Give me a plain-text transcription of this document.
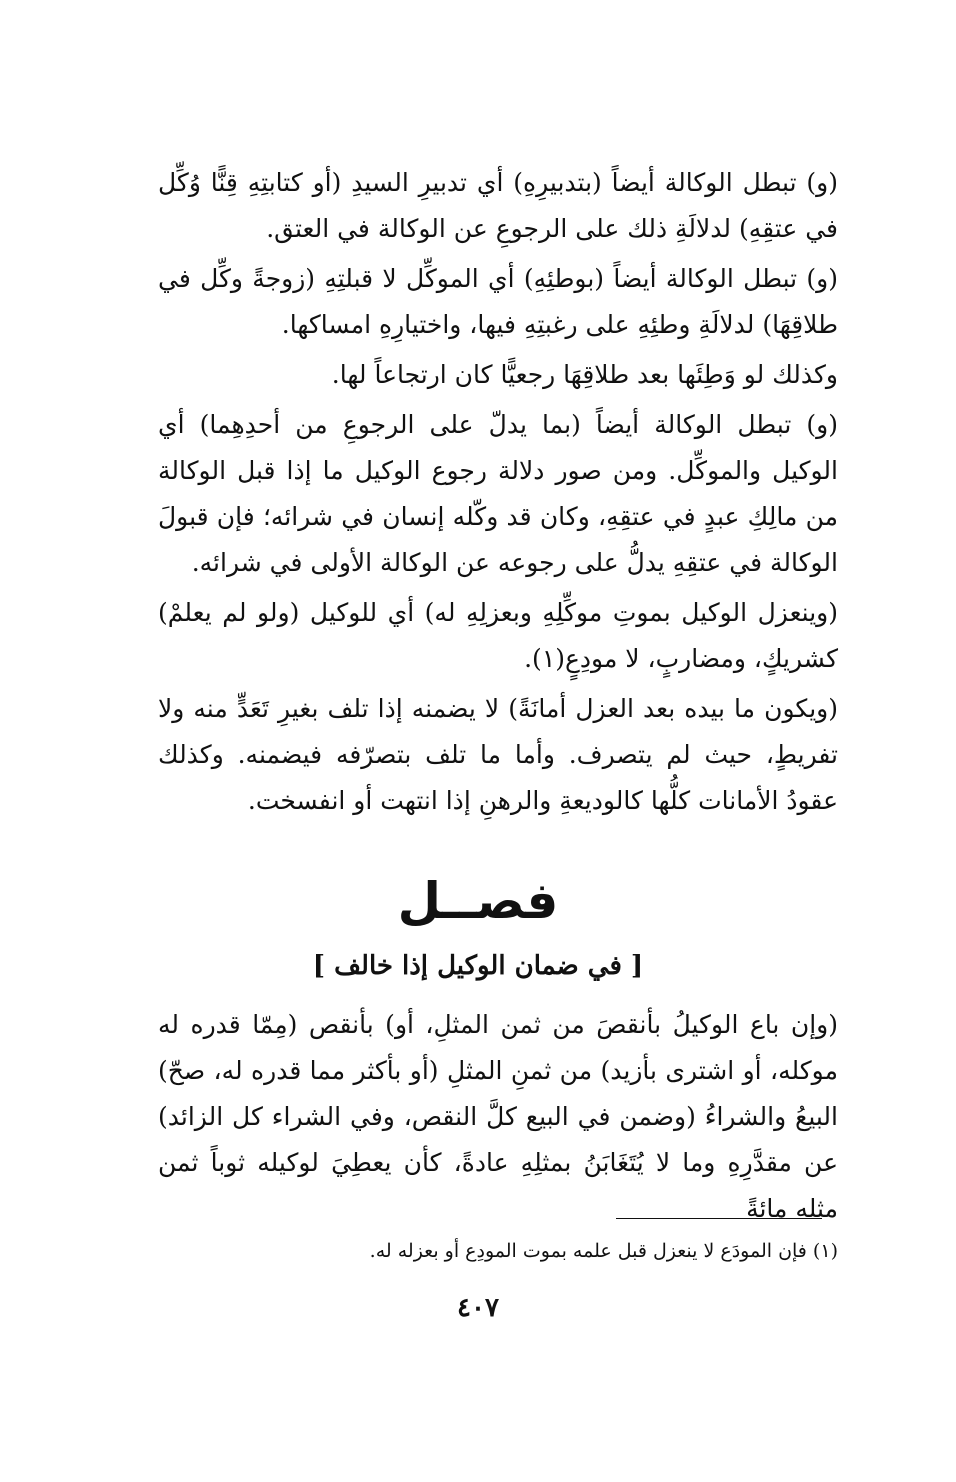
(و) تبطل الوكالة أيضاً (بتدبيرِهِ) أي تدبيرِ السيدِ (أو كتابتِهِ قِنًّا وُكِّل في عتقِهِ) لدلالَةِ ذلك على الرجوعِ عن الوكالة في العتق.

(و) تبطل الوكالة أيضاً (بوطئِهِ) أي الموكِّل لا قبلتِهِ (زوجةً وكِّل في طلاقِهَا) لدلالَةِ وطئِهِ على رغبتِهِ فيها، واختيارِهِ امساكها.

وكذلك لو وَطِئَها بعد طلاقِهَا رجعيًّا كان ارتجاعاً لها.

(و) تبطل الوكالة أيضاً (بما يدلّ على الرجوعِ من أحدِهِما) أي الوكيل والموكِّل. ومن صور دلالة رجوع الوكيل ما إذا قبل الوكالة من مالِكِ عبدٍ في عتقِهِ، وكان قد وكّله إنسان في شرائه؛ فإن قبولَ الوكالة في عتقِهِ يدلُّ على رجوعه عن الوكالة الأولى في شرائه.

(وينعزل الوكيل بموتِ موكِّلِهِ وبعزلِهِ له) أي للوكيل (ولو لم يعلمْ) كشريكٍ، ومضاربٍ، لا مودِعٍ(١).

(ويكون ما بيده بعد العزل أمانَةً) لا يضمنه إذا تلف بغيرِ تَعَدٍّ منه ولا تفريطٍ، حيث لم يتصرف. وأما ما تلف بتصرّفه فيضمنه. وكذلك عقودُ الأمانات كلُّها كالوديعةِ والرهنِ إذا انتهت أو انفسخت.

فصــل
[ في ضمان الوكيل إذا خالف ]

(وإن باع الوكيلُ بأنقصَ من ثمن المثلِ، أو) بأنقص (مِمّا قدره له موكله، أو اشترى بأزيد) من ثمنِ المثلِ (أو بأكثر مما قدره له، صحّ) البيعُ والشراءُ (وضمن في البيع كلَّ النقص، وفي الشراء كل الزائد) عن مقدَّرِهِ وما لا يُتَغَابَنُ بمثلِهِ عادةً، كأن يعطِيَ لوكيله ثوباً ثمن مثله مائةً

(١) فإن المودَع لا ينعزل قبل علمه بموت المودِع أو بعزله له.
٤٠٧
